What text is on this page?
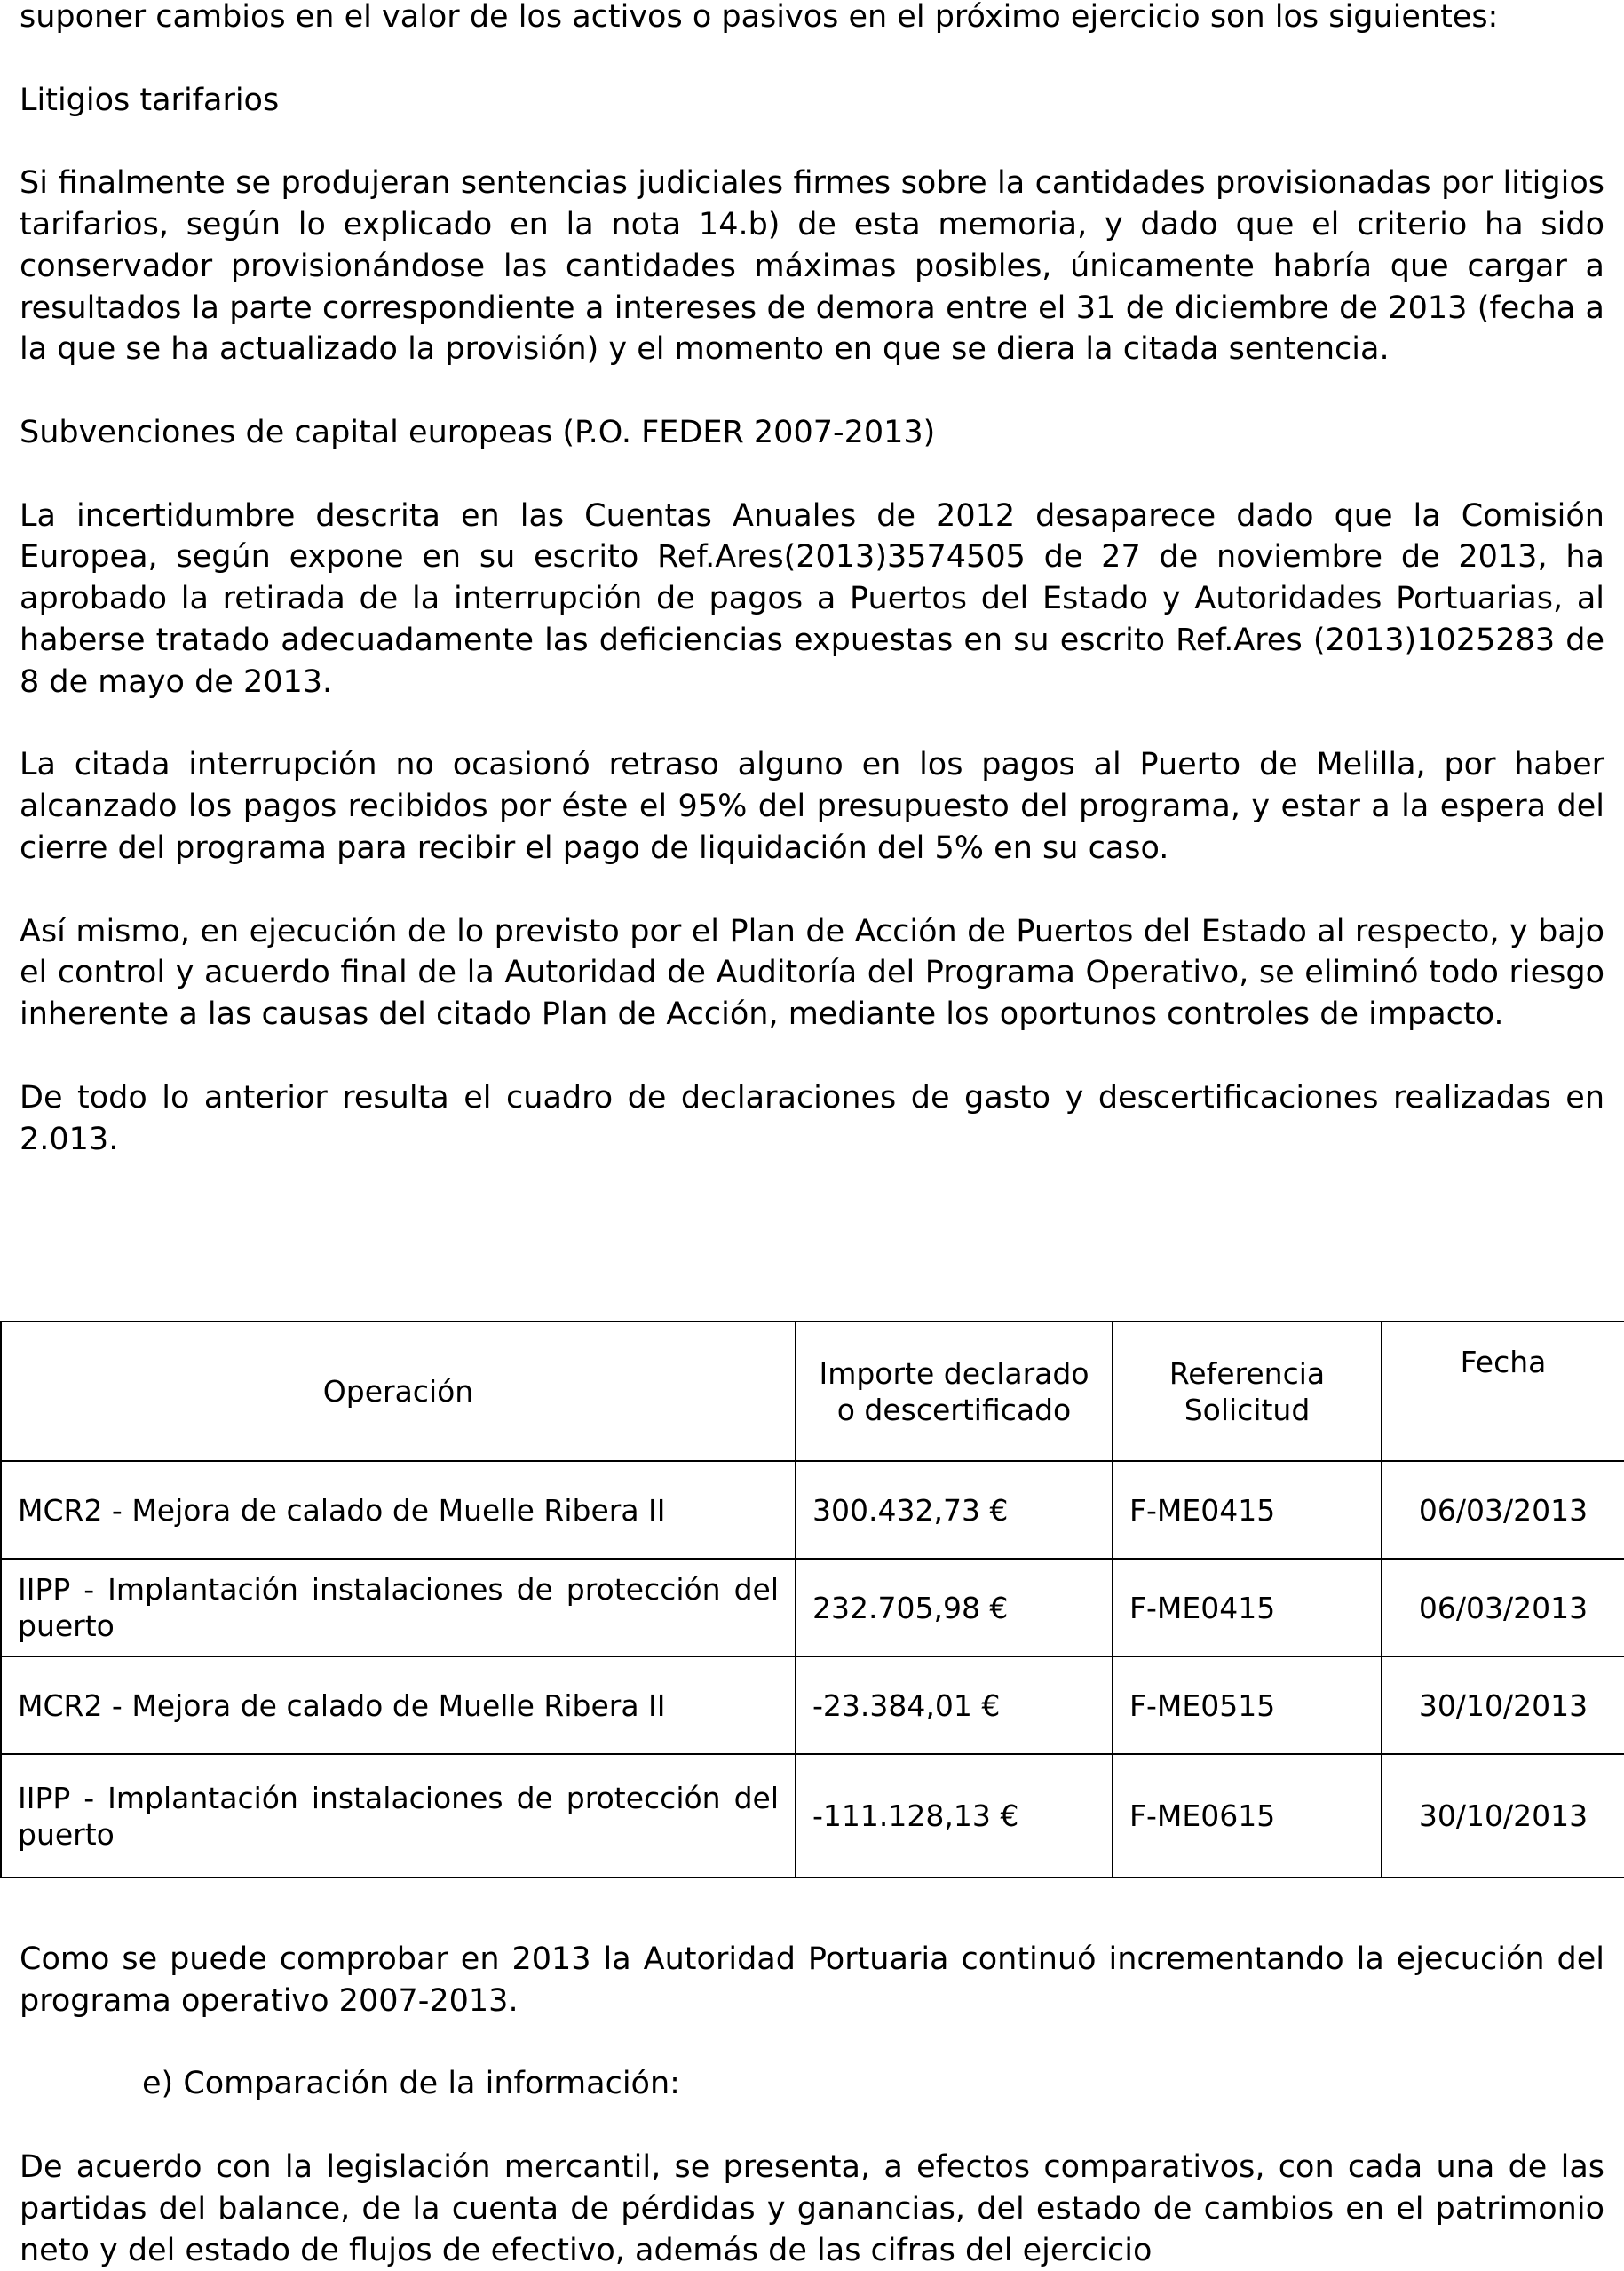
suponer cambios en el valor de los activos o pasivos en el próximo ejercicio son los siguientes:

Litigios tarifarios

Si finalmente se produjeran sentencias judiciales firmes sobre la cantidades provisionadas por litigios tarifarios, según lo explicado en la nota 14.b) de esta memoria, y dado que el criterio ha sido conservador provisionándose las cantidades máximas posibles, únicamente habría que cargar a resultados la parte correspondiente a intereses de demora entre el 31 de diciembre de 2013 (fecha a la que se ha actualizado la provisión) y el momento en que se diera la citada sentencia.

Subvenciones de capital europeas (P.O. FEDER 2007-2013)

La incertidumbre descrita en las Cuentas Anuales de 2012 desaparece dado que la Comisión Europea, según expone en su escrito Ref.Ares(2013)3574505 de 27 de noviembre de 2013, ha aprobado la retirada de la interrupción de pagos a Puertos del Estado y Autoridades Portuarias, al haberse tratado adecuadamente las deficiencias expuestas en su escrito Ref.Ares (2013)1025283 de 8 de mayo de 2013.

La citada interrupción no ocasionó retraso alguno en los pagos al Puerto de Melilla, por haber alcanzado los pagos recibidos por éste el 95% del presupuesto del programa, y estar a la espera del cierre del programa para recibir el pago de liquidación del 5% en su caso.

Así mismo, en ejecución de lo previsto por el Plan de Acción de Puertos del Estado al respecto, y bajo el control y acuerdo final de la Autoridad de Auditoría del Programa Operativo, se eliminó todo riesgo inherente a las causas del citado Plan de Acción, mediante los oportunos controles de impacto.

De todo lo anterior resulta el cuadro de declaraciones de gasto y descertificaciones realizadas en 2.013.

Operación	Importe declarado o descertificado	Referencia Solicitud	Fecha
MCR2 - Mejora de calado de Muelle Ribera II	300.432,73 €	F-ME0415	06/03/2013
IIPP - Implantación instalaciones de protección del puerto	232.705,98 €	F-ME0415	06/03/2013
MCR2 - Mejora de calado de Muelle Ribera II	-23.384,01 €	F-ME0515	30/10/2013
IIPP - Implantación instalaciones de protección del puerto	-111.128,13 €	F-ME0615	30/10/2013

Como se puede comprobar en 2013 la Autoridad Portuaria continuó incrementando la ejecución del programa operativo 2007-2013.

e) Comparación de la información:

De acuerdo con la legislación mercantil, se presenta, a efectos comparativos, con cada una de las partidas del balance, de la cuenta de pérdidas y ganancias, del estado de cambios en el patrimonio neto y del estado de flujos de efectivo, además de las cifras del ejercicio
